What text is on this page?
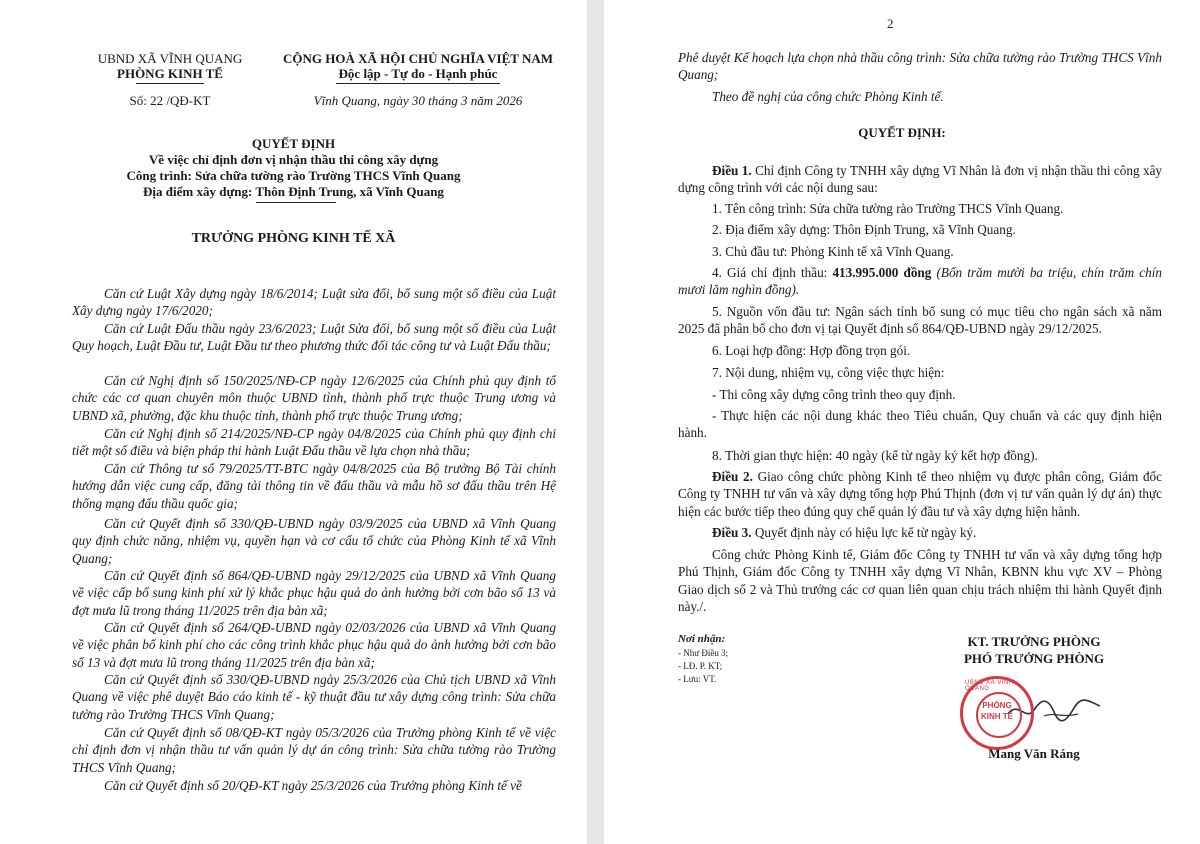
UBND XÃ VĨNH QUANG
PHÒNG KINH TẾ
Số: 22 /QĐ-KT
CỘNG HOÀ XÃ HỘI CHỦ NGHĨA VIỆT NAM
Độc lập - Tự do - Hạnh phúc
Vĩnh Quang, ngày 30 tháng 3 năm 2026
QUYẾT ĐỊNH
Về việc chỉ định đơn vị nhận thầu thi công xây dựng
Công trình: Sửa chữa tường rào Trường THCS Vĩnh Quang
Địa điểm xây dựng: Thôn Định Trung, xã Vĩnh Quang
TRƯỞNG PHÒNG KINH TẾ XÃ
Căn cứ Luật Xây dựng ngày 18/6/2014; Luật sửa đổi, bổ sung một số điều của Luật Xây dựng ngày 17/6/2020;
Căn cứ Luật Đấu thầu ngày 23/6/2023; Luật Sửa đổi, bổ sung một số điều của Luật Quy hoạch, Luật Đầu tư, Luật Đầu tư theo phương thức đối tác công tư và Luật Đấu thầu;
Căn cứ Nghị định số 150/2025/NĐ-CP ngày 12/6/2025 của Chính phủ quy định tổ chức các cơ quan chuyên môn thuộc UBND tỉnh, thành phố trực thuộc Trung ương và UBND xã, phường, đặc khu thuộc tỉnh, thành phố trực thuộc Trung ương;
Căn cứ Nghị định số 214/2025/NĐ-CP ngày 04/8/2025 của Chính phủ quy định chi tiết một số điều và biện pháp thi hành Luật Đấu thầu về lựa chọn nhà thầu;
Căn cứ Thông tư số 79/2025/TT-BTC ngày 04/8/2025 của Bộ trưởng Bộ Tài chính hướng dẫn việc cung cấp, đăng tải thông tin về đấu thầu và mẫu hồ sơ đấu thầu trên Hệ thống mạng đấu thầu quốc gia;
Căn cứ Quyết định số 330/QĐ-UBND ngày 03/9/2025 của UBND xã Vĩnh Quang quy định chức năng, nhiệm vụ, quyền hạn và cơ cấu tổ chức của Phòng Kinh tế xã Vĩnh Quang;
Căn cứ Quyết định số 864/QĐ-UBND ngày 29/12/2025 của UBND xã Vĩnh Quang về việc cấp bổ sung kinh phí xử lý khắc phục hậu quả do ảnh hưởng bởi cơn bão số 13 và đợt mưa lũ trong tháng 11/2025 trên địa bàn xã;
Căn cứ Quyết định số 264/QĐ-UBND ngày 02/03/2026 của UBND xã Vĩnh Quang về việc phân bổ kinh phí cho các công trình khắc phục hậu quả do ảnh hưởng bởi cơn bão số 13 và đợt mưa lũ trong tháng 11/2025 trên địa bàn xã;
Căn cứ Quyết định số 330/QĐ-UBND ngày 25/3/2026 của Chủ tịch UBND xã Vĩnh Quang về việc phê duyệt Báo cáo kinh tế - kỹ thuật đầu tư xây dựng công trình: Sửa chữa tường rào Trường THCS Vĩnh Quang;
Căn cứ Quyết định số 08/QĐ-KT ngày 05/3/2026 của Trưởng phòng Kinh tế về việc chỉ định đơn vị nhận thầu tư vấn quản lý dự án công trình: Sửa chữa tường rào Trường THCS Vĩnh Quang;
Căn cứ Quyết định số 20/QĐ-KT ngày 25/3/2026 của Trưởng phòng Kinh tế về
2
Phê duyệt Kế hoạch lựa chọn nhà thầu công trình: Sửa chữa tường rào Trường THCS Vĩnh Quang;
Theo đề nghị của công chức Phòng Kinh tế.
QUYẾT ĐỊNH:
Điều 1. Chỉ định Công ty TNHH xây dựng Vĩ Nhân là đơn vị nhận thầu thi công xây dựng công trình với các nội dung sau:
1. Tên công trình: Sửa chữa tường rào Trường THCS Vĩnh Quang.
2. Địa điểm xây dựng: Thôn Định Trung, xã Vĩnh Quang.
3. Chủ đầu tư: Phòng Kinh tế xã Vĩnh Quang.
4. Giá chỉ định thầu: 413.995.000 đồng (Bốn trăm mười ba triệu, chín trăm chín mươi lăm nghìn đồng).
5. Nguồn vốn đầu tư: Ngân sách tỉnh bổ sung có mục tiêu cho ngân sách xã năm 2025 đã phân bổ cho đơn vị tại Quyết định số 864/QĐ-UBND ngày 29/12/2025.
6. Loại hợp đồng: Hợp đồng trọn gói.
7. Nội dung, nhiệm vụ, công việc thực hiện:
- Thi công xây dựng công trình theo quy định.
- Thực hiện các nội dung khác theo Tiêu chuẩn, Quy chuẩn và các quy định hiện hành.
8. Thời gian thực hiện: 40 ngày (kể từ ngày ký kết hợp đồng).
Điều 2. Giao công chức phòng Kinh tế theo nhiệm vụ được phân công, Giám đốc Công ty TNHH tư vấn và xây dựng tổng hợp Phú Thịnh (đơn vị tư vấn quản lý dự án) thực hiện các bước tiếp theo đúng quy chế quản lý đầu tư và xây dựng hiện hành.
Điều 3. Quyết định này có hiệu lực kể từ ngày ký.
Công chức Phòng Kinh tế, Giám đốc Công ty TNHH tư vấn và xây dựng tổng hợp Phú Thịnh, Giám đốc Công ty TNHH xây dựng Vĩ Nhân, KBNN khu vực XV – Phòng Giao dịch số 2 và Thủ trưởng các cơ quan liên quan chịu trách nhiệm thi hành Quyết định này./.
Nơi nhận:
- Như Điều 3;
- LĐ. P. KT;
- Lưu: VT.
KT. TRƯỞNG PHÒNG
PHÓ TRƯỞNG PHÒNG
Mang Văn Ráng
UBND XÃ VĨNH QUANG
PHÒNG
KINH TẾ
